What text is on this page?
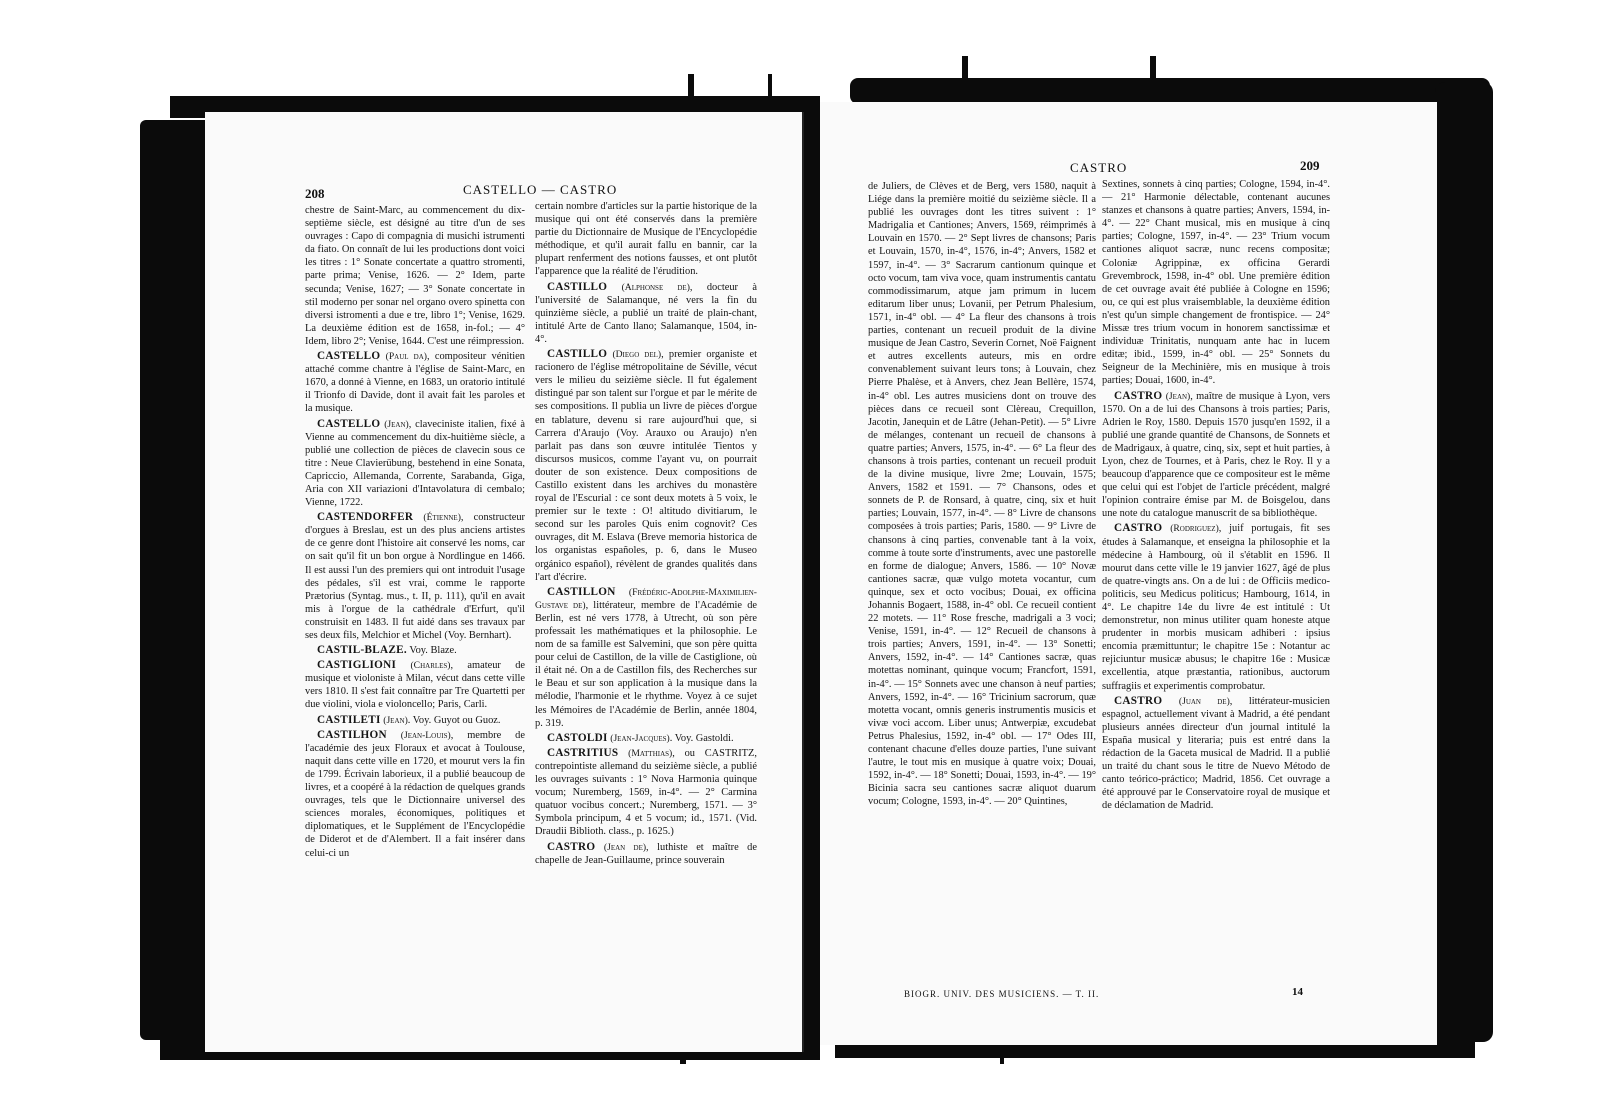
208	CASTELLO — CASTRO

chestre de Saint-Marc, au commencement du dix-septième siècle, est désigné au titre d'un de ses ouvrages : Capo di compagnia di musichi istrumenti da fiato. On connaît de lui les productions dont voici les titres : 1° Sonate concertate a quattro stromenti, parte prima; Venise, 1626. — 2° Idem, parte secunda; Venise, 1627; — 3° Sonate concertate in stil moderno per sonar nel organo overo spinetta con diversi istromenti a due e tre, libro 1°; Venise, 1629. La deuxième édition est de 1658, in-fol.; — 4° Idem, libro 2°; Venise, 1644. C'est une réimpression.

CASTELLO (Paul da), compositeur vénitien attaché comme chantre à l'église de Saint-Marc, en 1670, a donné à Vienne, en 1683, un oratorio intitulé il Trionfo di Davide, dont il avait fait les paroles et la musique.

CASTELLO (Jean), claveciniste italien, fixé à Vienne au commencement du dix-huitième siècle, a publié une collection de pièces de clavecin sous ce titre : Neue Clavierübung, bestehend in eine Sonata, Capriccio, Allemanda, Corrente, Sarabanda, Giga, Aria con XII variazioni d'Intavolatura di cembalo; Vienne, 1722.

CASTENDORFER (Étienne), constructeur d'orgues à Breslau, est un des plus anciens artistes de ce genre dont l'histoire ait conservé les noms, car on sait qu'il fit un bon orgue à Nordlingue en 1466. Il est aussi l'un des premiers qui ont introduit l'usage des pédales, s'il est vrai, comme le rapporte Prætorius (Syntag. mus., t. II, p. 111), qu'il en avait mis à l'orgue de la cathédrale d'Erfurt, qu'il construisit en 1483. Il fut aidé dans ses travaux par ses deux fils, Melchior et Michel (Voy. Bernhart).

CASTIL-BLAZE. Voy. Blaze.

CASTIGLIONI (Charles), amateur de musique et violoniste à Milan, vécut dans cette ville vers 1810. Il s'est fait connaître par Tre Quartetti per due violini, viola e violoncello; Paris, Carli.

CASTILETI (Jean). Voy. Guyot ou Guoz.

CASTILHON (Jean-Louis), membre de l'académie des jeux Floraux et avocat à Toulouse, naquit dans cette ville en 1720, et mourut vers la fin de 1799. Écrivain laborieux, il a publié beaucoup de livres, et a coopéré à la rédaction de quelques grands ouvrages, tels que le Dictionnaire universel des sciences morales, économiques, politiques et diplomatiques, et le Supplément de l'Encyclopédie de Diderot et de d'Alembert. Il a fait insérer dans celui-ci un

certain nombre d'articles sur la partie historique de la musique qui ont été conservés dans la première partie du Dictionnaire de Musique de l'Encyclopédie méthodique, et qu'il aurait fallu en bannir, car la plupart renferment des notions fausses, et ont plutôt l'apparence que la réalité de l'érudition.

CASTILLO (Alphonse de), docteur à l'université de Salamanque, né vers la fin du quinzième siècle, a publié un traité de plain-chant, intitulé Arte de Canto llano; Salamanque, 1504, in-4°.

CASTILLO (Diego del), premier organiste et racionero de l'église métropolitaine de Séville, vécut vers le milieu du seizième siècle. Il fut également distingué par son talent sur l'orgue et par le mérite de ses compositions. Il publia un livre de pièces d'orgue en tablature, devenu si rare aujourd'hui que, si Carrera d'Araujo (Voy. Arauxo ou Araujo) n'en parlait pas dans son œuvre intitulée Tientos y discursos musicos, comme l'ayant vu, on pourrait douter de son existence. Deux compositions de Castillo existent dans les archives du monastère royal de l'Escurial : ce sont deux motets à 5 voix, le premier sur le texte : O! altitudo divitiarum, le second sur les paroles Quis enim cognovit? Ces ouvrages, dit M. Eslava (Breve memoria historica de los organistas españoles, p. 6, dans le Museo orgánico español), révèlent de grandes qualités dans l'art d'écrire.

CASTILLON (Frédéric-Adolphe-Maximilien-Gustave de), littérateur, membre de l'Académie de Berlin, est né vers 1778, à Utrecht, où son père professait les mathématiques et la philosophie. Le nom de sa famille est Salvemini, que son père quitta pour celui de Castillon, de la ville de Castiglione, où il était né. On a de Castillon fils, des Recherches sur le Beau et sur son application à la musique dans la mélodie, l'harmonie et le rhythme. Voyez à ce sujet les Mémoires de l'Académie de Berlin, année 1804, p. 319.

CASTOLDI (Jean-Jacques). Voy. Gastoldi.

CASTRITIUS (Matthias), ou CASTRITZ, contrepointiste allemand du seizième siècle, a publié les ouvrages suivants : 1° Nova Harmonia quinque vocum; Nuremberg, 1569, in-4°. — 2° Carmina quatuor vocibus concert.; Nuremberg, 1571. — 3° Symbola principum, 4 et 5 vocum; id., 1571. (Vid. Draudii Biblioth. class., p. 1625.)

CASTRO (Jean de), luthiste et maître de chapelle de Jean-Guillaume, prince souverain

CASTRO	209

de Juliers, de Clèves et de Berg, vers 1580, naquit à Liége dans la première moitié du seizième siècle. Il a publié les ouvrages dont les titres suivent : 1° Madrigalia et Cantiones; Anvers, 1569, réimprimés à Louvain en 1570. — 2° Sept livres de chansons; Paris et Louvain, 1570, in-4°, 1576, in-4°; Anvers, 1582 et 1597, in-4°. — 3° Sacrarum cantionum quinque et octo vocum, tam viva voce, quam instrumentis cantatu commodissimarum, atque jam primum in lucem editarum liber unus; Lovanii, per Petrum Phalesium, 1571, in-4° obl. — 4° La fleur des chansons à trois parties, contenant un recueil produit de la divine musique de Jean Castro, Severin Cornet, Noë Faignent et autres excellents auteurs, mis en ordre convenablement suivant leurs tons; à Louvain, chez Pierre Phalèse, et à Anvers, chez Jean Bellère, 1574, in-4° obl. Les autres musiciens dont on trouve des pièces dans ce recueil sont Clèreau, Crequillon, Jacotin, Janequin et de Lâtre (Jehan-Petit). — 5° Livre de mélanges, contenant un recueil de chansons à quatre parties; Anvers, 1575, in-4°. — 6° La fleur des chansons à trois parties, contenant un recueil produit de la divine musique, livre 2me; Louvain, 1575; Anvers, 1582 et 1591. — 7° Chansons, odes et sonnets de P. de Ronsard, à quatre, cinq, six et huit parties; Louvain, 1577, in-4°. — 8° Livre de chansons composées à trois parties; Paris, 1580. — 9° Livre de chansons à cinq parties, convenable tant à la voix, comme à toute sorte d'instruments, avec une pastorelle en forme de dialogue; Anvers, 1586. — 10° Novæ cantiones sacræ, quæ vulgo moteta vocantur, cum quinque, sex et octo vocibus; Douai, ex officina Johannis Bogaert, 1588, in-4° obl. Ce recueil contient 22 motets. — 11° Rose fresche, madrigali a 3 voci; Venise, 1591, in-4°. — 12° Recueil de chansons à trois parties; Anvers, 1591, in-4°. — 13° Sonetti; Anvers, 1592, in-4°. — 14° Cantiones sacræ, quas motettas nominant, quinque vocum; Francfort, 1591, in-4°. — 15° Sonnets avec une chanson à neuf parties; Anvers, 1592, in-4°. — 16° Tricinium sacrorum, quæ motetta vocant, omnis generis instrumentis musicis et vivæ voci accom. Liber unus; Antwerpiæ, excudebat Petrus Phalesius, 1592, in-4° obl. — 17° Odes III, contenant chacune d'elles douze parties, l'une suivant l'autre, le tout mis en musique à quatre voix; Douai, 1592, in-4°. — 18° Sonetti; Douai, 1593, in-4°. — 19° Bicinia sacra seu cantiones sacræ aliquot duarum vocum; Cologne, 1593, in-4°. — 20° Quintines,

Sextines, sonnets à cinq parties; Cologne, 1594, in-4°. — 21° Harmonie délectable, contenant aucunes stanzes et chansons à quatre parties; Anvers, 1594, in-4°. — 22° Chant musical, mis en musique à cinq parties; Cologne, 1597, in-4°. — 23° Trium vocum cantiones aliquot sacræ, nunc recens compositæ; Coloniæ Agrippinæ, ex officina Gerardi Grevembrock, 1598, in-4° obl. Une première édition de cet ouvrage avait été publiée à Cologne en 1596; ou, ce qui est plus vraisemblable, la deuxième édition n'est qu'un simple changement de frontispice. — 24° Missæ tres trium vocum in honorem sanctissimæ et individuæ Trinitatis, nunquam ante hac in lucem editæ; ibid., 1599, in-4° obl. — 25° Sonnets du Seigneur de la Mechinière, mis en musique à trois parties; Douai, 1600, in-4°.

CASTRO (Jean), maître de musique à Lyon, vers 1570. On a de lui des Chansons à trois parties; Paris, Adrien le Roy, 1580. Depuis 1570 jusqu'en 1592, il a publié une grande quantité de Chansons, de Sonnets et de Madrigaux, à quatre, cinq, six, sept et huit parties, à Lyon, chez de Tournes, et à Paris, chez le Roy. Il y a beaucoup d'apparence que ce compositeur est le même que celui qui est l'objet de l'article précédent, malgré l'opinion contraire émise par M. de Boisgelou, dans une note du catalogue manuscrit de sa bibliothèque.

CASTRO (Rodriguez), juif portugais, fit ses études à Salamanque, et enseigna la philosophie et la médecine à Hambourg, où il s'établit en 1596. Il mourut dans cette ville le 19 janvier 1627, âgé de plus de quatre-vingts ans. On a de lui : de Officiis medico-politicis, seu Medicus politicus; Hambourg, 1614, in 4°. Le chapitre 14e du livre 4e est intitulé : Ut demonstretur, non minus utiliter quam honeste atque prudenter in morbis musicam adhiberi : ipsius encomia præmittuntur; le chapitre 15e : Notantur ac rejiciuntur musicæ abusus; le chapitre 16e : Musicæ excellentia, atque præstantia, rationibus, auctorum suffragiis et experimentis comprobatur.

CASTRO (Juan de), littérateur-musicien espagnol, actuellement vivant à Madrid, a été pendant plusieurs années directeur d'un journal intitulé la España musical y literaria; puis est entré dans la rédaction de la Gaceta musical de Madrid. Il a publié un traité du chant sous le titre de Nuevo Método de canto teórico-práctico; Madrid, 1856. Cet ouvrage a été approuvé par le Conservatoire royal de musique et de déclamation de Madrid.

BIOGR. UNIV. DES MUSICIENS. — T. II.	14
